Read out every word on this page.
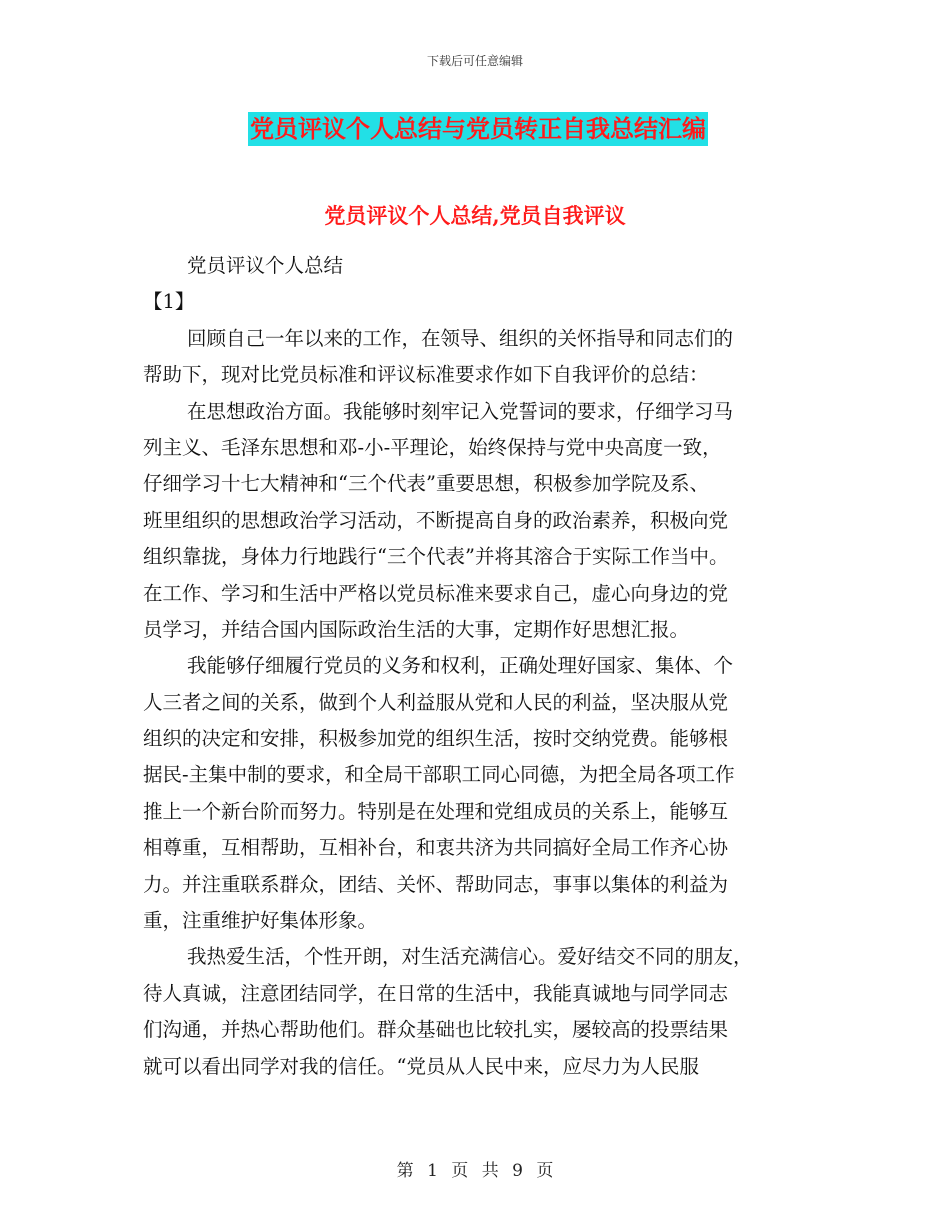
下载后可任意编辑
党员评议个人总结与党员转正自我总结汇编
党员评议个人总结,党员自我评议
党员评议个人总结
【1】
回顾自己一年以来的工作，在领导、组织的关怀指导和同志们的
帮助下，现对比党员标准和评议标准要求作如下自我评价的总结：
在思想政治方面。我能够时刻牢记入党誓词的要求，仔细学习马
列主义、毛泽东思想和邓-小-平理论，始终保持与党中央高度一致，
仔细学习十七大精神和“三个代表”重要思想，积极参加学院及系、
班里组织的思想政治学习活动，不断提高自身的政治素养，积极向党
组织靠拢，身体力行地践行“三个代表”并将其溶合于实际工作当中。
在工作、学习和生活中严格以党员标准来要求自己，虚心向身边的党
员学习，并结合国内国际政治生活的大事，定期作好思想汇报。
我能够仔细履行党员的义务和权利，正确处理好国家、集体、个
人三者之间的关系，做到个人利益服从党和人民的利益，坚决服从党
组织的决定和安排，积极参加党的组织生活，按时交纳党费。能够根
据民-主集中制的要求，和全局干部职工同心同德，为把全局各项工作
推上一个新台阶而努力。特别是在处理和党组成员的关系上，能够互
相尊重，互相帮助，互相补台，和衷共济为共同搞好全局工作齐心协
力。并注重联系群众，团结、关怀、帮助同志，事事以集体的利益为
重，注重维护好集体形象。
我热爱生活，个性开朗，对生活充满信心。爱好结交不同的朋友，
待人真诚，注意团结同学，在日常的生活中，我能真诚地与同学同志
们沟通，并热心帮助他们。群众基础也比较扎实，屡较高的投票结果
就可以看出同学对我的信任。“党员从人民中来，应尽力为人民服
第 1 页 共 9 页
